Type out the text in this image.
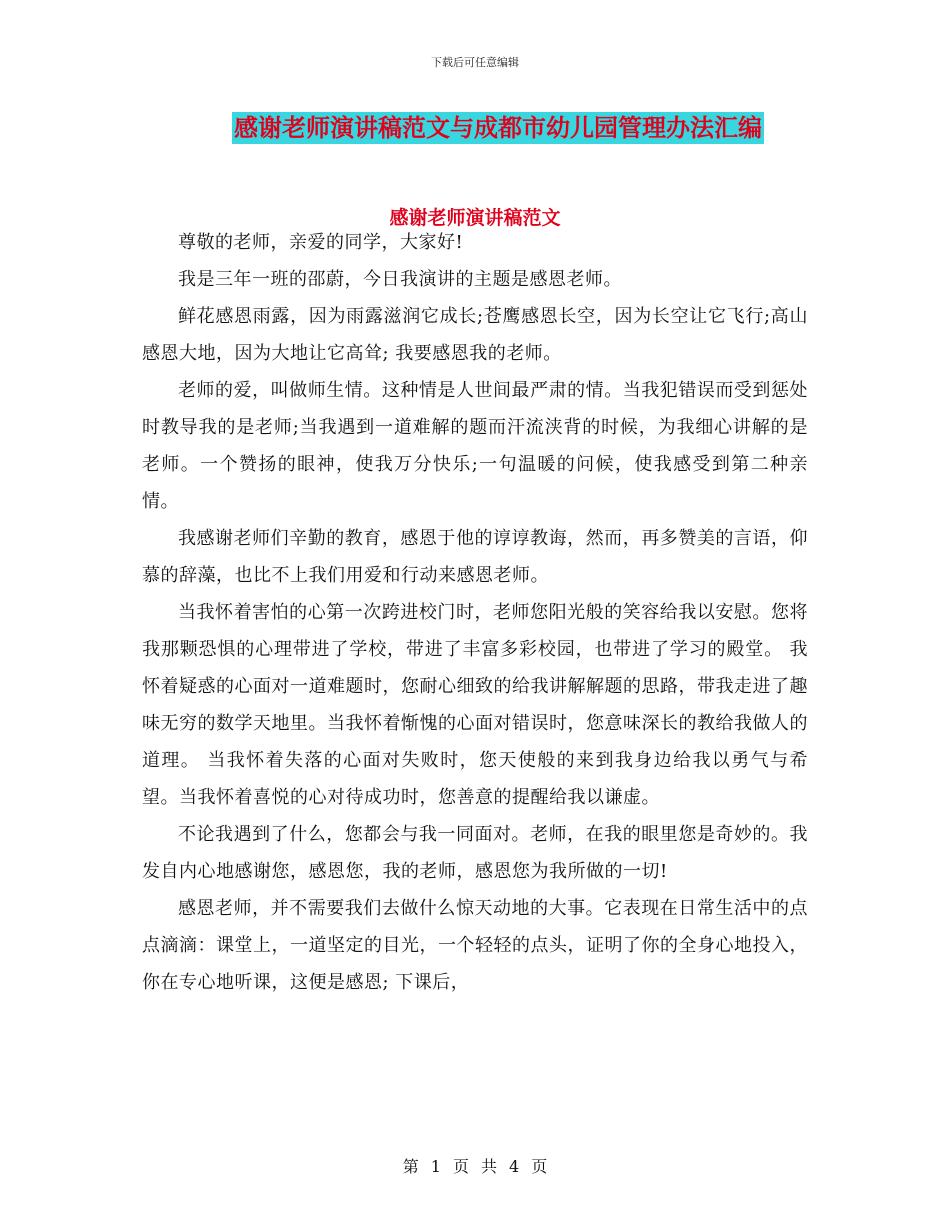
下载后可任意编辑
感谢老师演讲稿范文与成都市幼儿园管理办法汇编
感谢老师演讲稿范文

尊敬的老师，亲爱的同学，大家好!

我是三年一班的邵蔚，今日我演讲的主题是感恩老师。

鲜花感恩雨露，因为雨露滋润它成长;苍鹰感恩长空，因为长空让它飞行;高山感恩大地，因为大地让它高耸; 我要感恩我的老师。

老师的爱，叫做师生情。这种情是人世间最严肃的情。当我犯错误而受到惩处时教导我的是老师;当我遇到一道难解的题而汗流浃背的时候，为我细心讲解的是老师。一个赞扬的眼神，使我万分快乐;一句温暖的问候，使我感受到第二种亲情。

我感谢老师们辛勤的教育，感恩于他的谆谆教诲，然而，再多赞美的言语，仰慕的辞藻，也比不上我们用爱和行动来感恩老师。

当我怀着害怕的心第一次跨进校门时，老师您阳光般的笑容给我以安慰。您将我那颗恐惧的心理带进了学校，带进了丰富多彩校园，也带进了学习的殿堂。 我怀着疑惑的心面对一道难题时，您耐心细致的给我讲解解题的思路，带我走进了趣味无穷的数学天地里。当我怀着惭愧的心面对错误时，您意味深长的教给我做人的道理。 当我怀着失落的心面对失败时，您天使般的来到我身边给我以勇气与希望。当我怀着喜悦的心对待成功时，您善意的提醒给我以谦虚。

不论我遇到了什么，您都会与我一同面对。老师，在我的眼里您是奇妙的。我发自内心地感谢您，感恩您，我的老师，感恩您为我所做的一切!

感恩老师，并不需要我们去做什么惊天动地的大事。它表现在日常生活中的点点滴滴：课堂上，一道坚定的目光，一个轻轻的点头，证明了你的全身心地投入，你在专心地听课，这便是感恩; 下课后，

第 1 页 共 4 页
